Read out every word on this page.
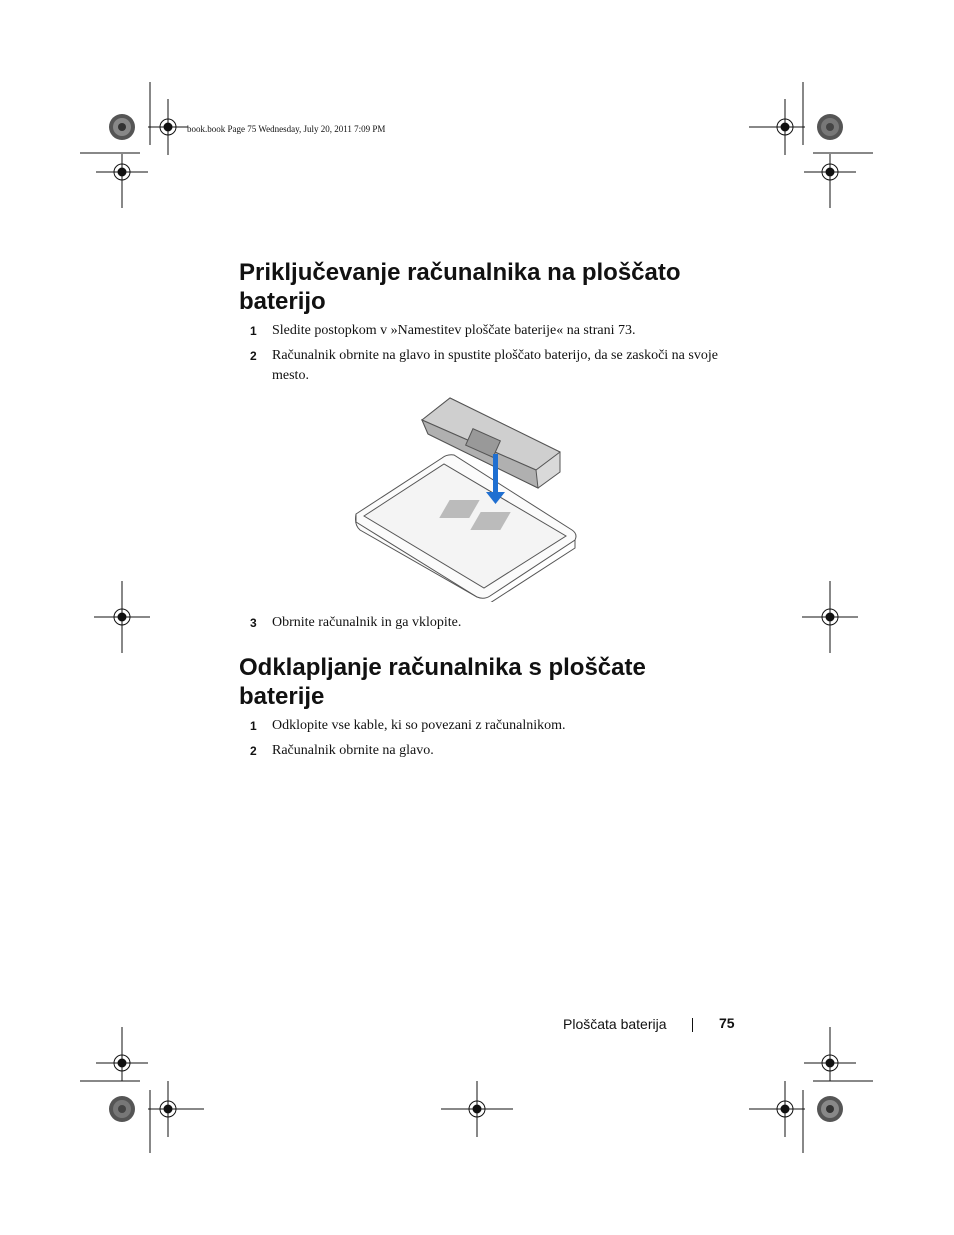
book.book Page 75 Wednesday, July 20, 2011 7:09 PM
Priključevanje računalnika na ploščato
baterijo
1 Sledite postopkom v »Namestitev ploščate baterije« na strani 73.
2 Računalnik obrnite na glavo in spustite ploščato baterijo, da se zaskoči na svoje mesto.
3 Obrnite računalnik in ga vklopite.
Odklapljanje računalnika s ploščate
baterije
1 Odklopite vse kable, ki so povezani z računalnikom.
2 Računalnik obrnite na glavo.
Ploščata baterija	75
